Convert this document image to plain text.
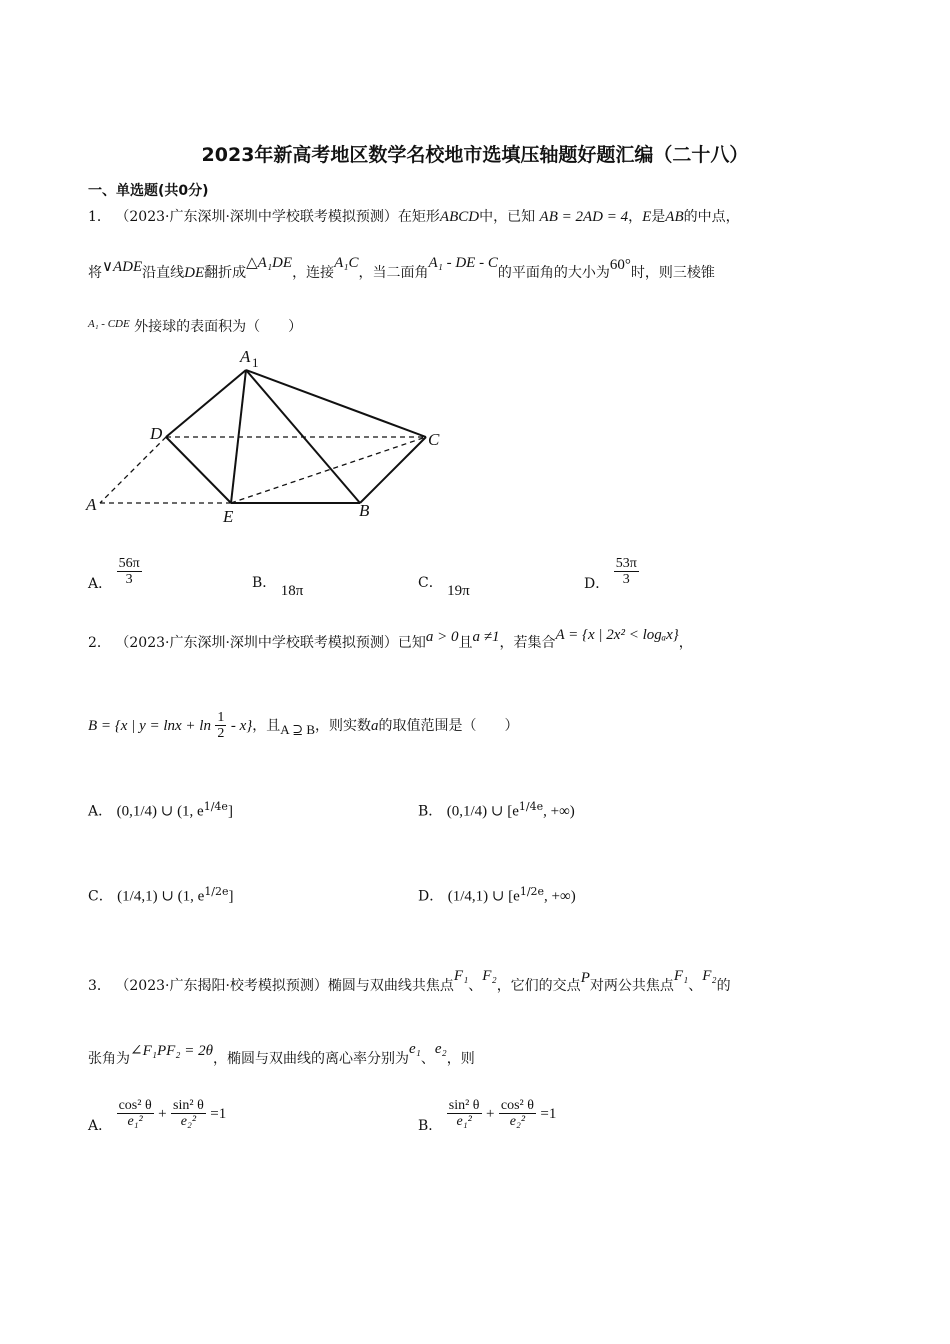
2023年新高考地区数学名校地市选填压轴题好题汇编（二十八）
一、单选题(共0分)
1． （2023·广东深圳·深圳中学校联考模拟预测）在矩形ABCD中，已知 AB = 2AD = 4，E是AB的中点，
将∨ADE沿直线DE翻折成△A₁DE，连接A₁C，当二面角A₁ - DE - C的平面角的大小为60°时，则三棱锥
$^{A_1 - CDE}$ 外接球的表面积为（　　）
A 1
D	C
A
E	B
A． $\frac{56\pi}{3}$	B． 18π	C． 19π	D． $\frac{53\pi}{3}$
2． （2023·广东深圳·深圳中学校联考模拟预测）已知a > 0且a ≠1，若集合A = {x | 2x² < logₐx}，
B = {x | $y = \ln x + \ln \frac{1}{2} - x$}，且A ⊇ B，则实数a的取值范围是（　　）
A． (0,1/4) ∪ (1, $e^{1/4e}$]	B． (0,1/4) ∪ [$e^{1/4e}$, +∞)
C． (1/4,1) ∪ (1, $e^{1/2e}$]	D． (1/4,1) ∪ [$e^{1/2e}$, +∞)
3． （2023·广东揭阳·校考模拟预测）椭圆与双曲线共焦点F₁、F₂，它们的交点P对两公共焦点F₁、F₂的
张角为∠F₁PF₂ = 2θ，椭圆与双曲线的离心率分别为e₁、e₂，则
A． $\frac{\text{cos² θ}}{\text{e₁²}} + \frac{\text{sin² θ}}{\text{e₂²}} =1$
B． $\frac{\text{sin² θ}}{\text{e₁²}} + \frac{\text{cos² θ}}{\text{e₂²}} =1$
